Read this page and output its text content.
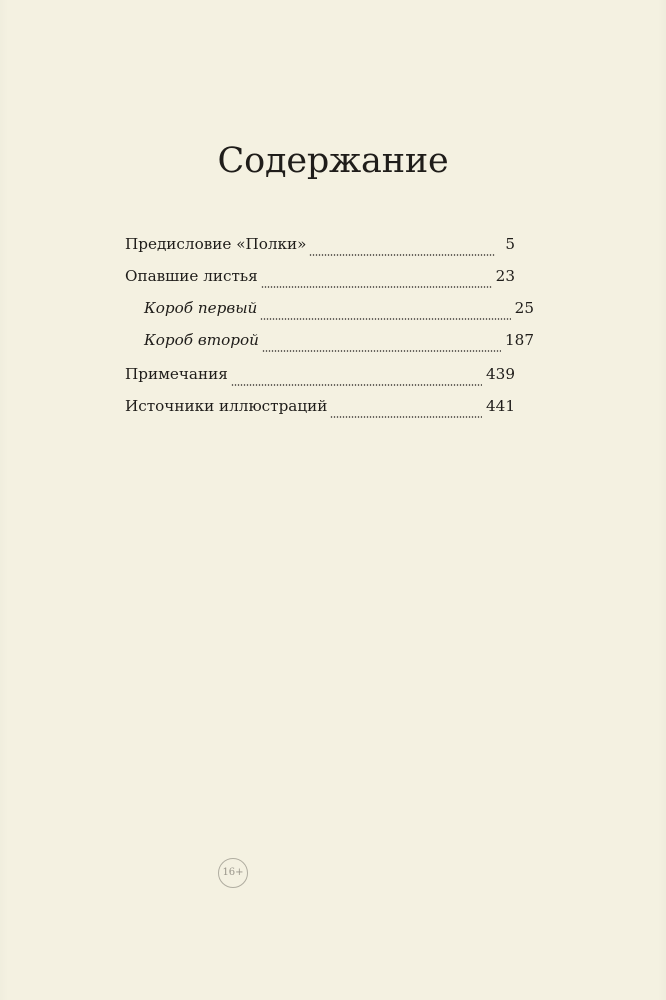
Содержание
Предисловие «Полки»	5
Опавшие листья	23
Короб первый	25
Короб второй	187
Примечания	439
Источники иллюстраций	441
16+
